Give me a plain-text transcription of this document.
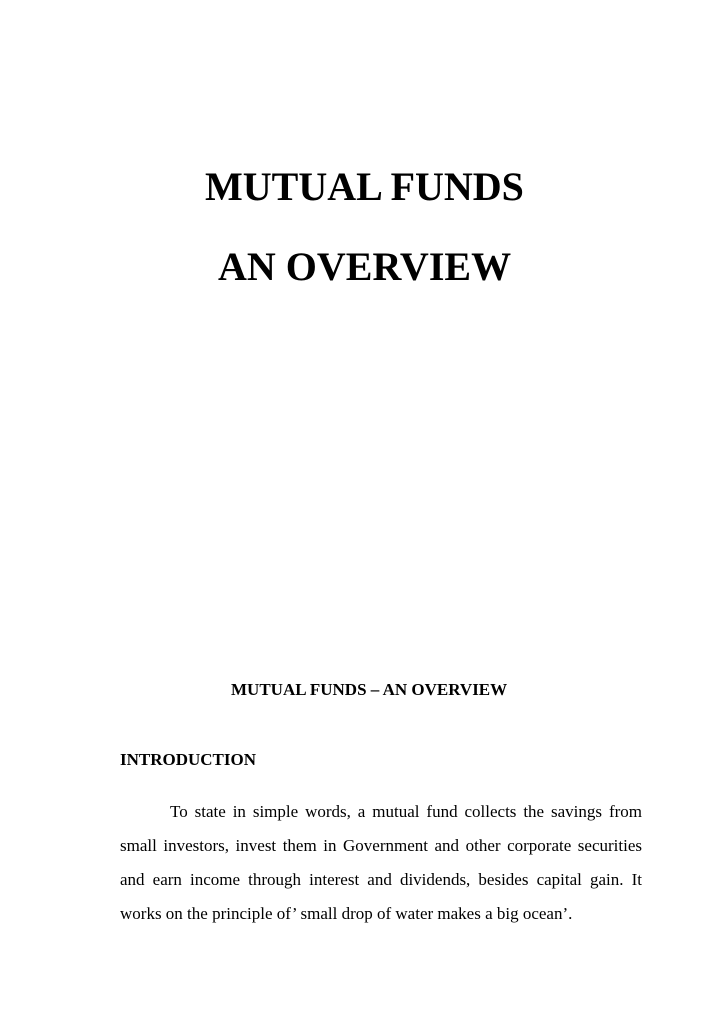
MUTUAL FUNDS
AN OVERVIEW
MUTUAL FUNDS – AN OVERVIEW
INTRODUCTION
To state in simple words, a mutual fund collects the savings from
small investors, invest them in Government and other corporate securities
and earn income through interest and dividends, besides capital gain. It
works on the principle of’ small drop of water makes a big ocean’.
